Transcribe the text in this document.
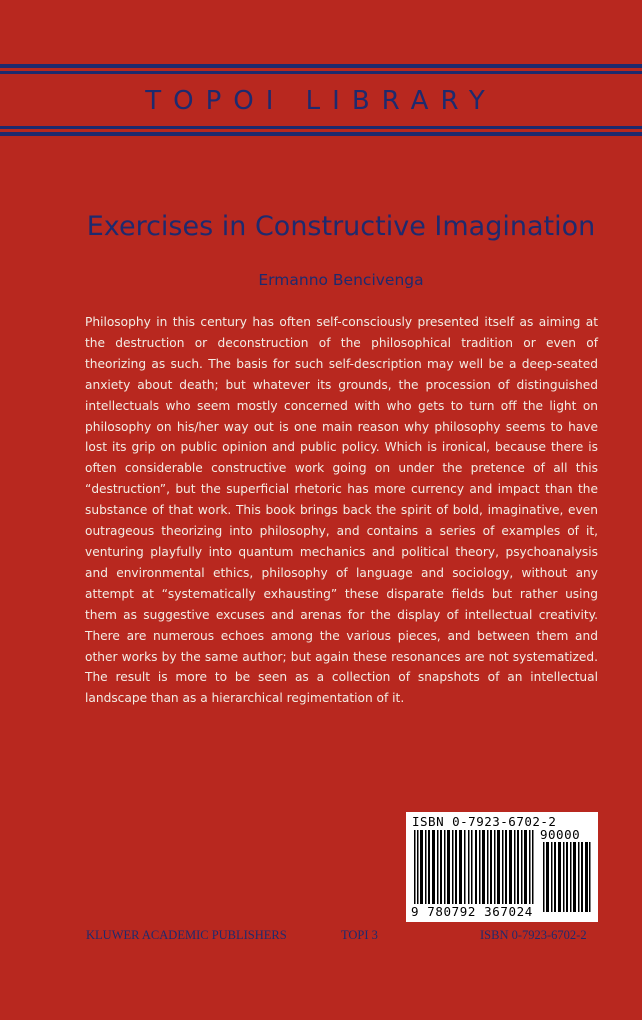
TOPOI LIBRARY
Exercises in Constructive Imagination
Ermanno Bencivenga

Philosophy in this century has often self-consciously presented itself as aiming at the destruction or deconstruction of the philosophical tradition or even of theorizing as such. The basis for such self-description may well be a deep-seated anxiety about death; but whatever its grounds, the procession of distinguished intellectuals who seem mostly concerned with who gets to turn off the light on philosophy on his/her way out is one main reason why philosophy seems to have lost its grip on public opinion and public policy. Which is ironical, because there is often considerable constructive work going on under the pretence of all this “destruction”, but the superficial rhetoric has more currency and impact than the substance of that work. This book brings back the spirit of bold, imaginative, even outrageous theorizing into philosophy, and contains a series of examples of it, venturing playfully into quantum mechanics and political theory, psychoanalysis and environmental ethics, philosophy of language and sociology, without any attempt at “systematically exhausting” these disparate fields but rather using them as suggestive excuses and arenas for the display of intellectual creativity. There are numerous echoes among the various pieces, and between them and other works by the same author; but again these resonances are not systematized. The result is more to be seen as a collection of snapshots of an intellectual landscape than as a hierarchical regimentation of it.

ISBN 0-7923-6702-2
90000
9 780792 367024
KLUWER ACADEMIC PUBLISHERS	TOPI 3	ISBN 0-7923-6702-2
